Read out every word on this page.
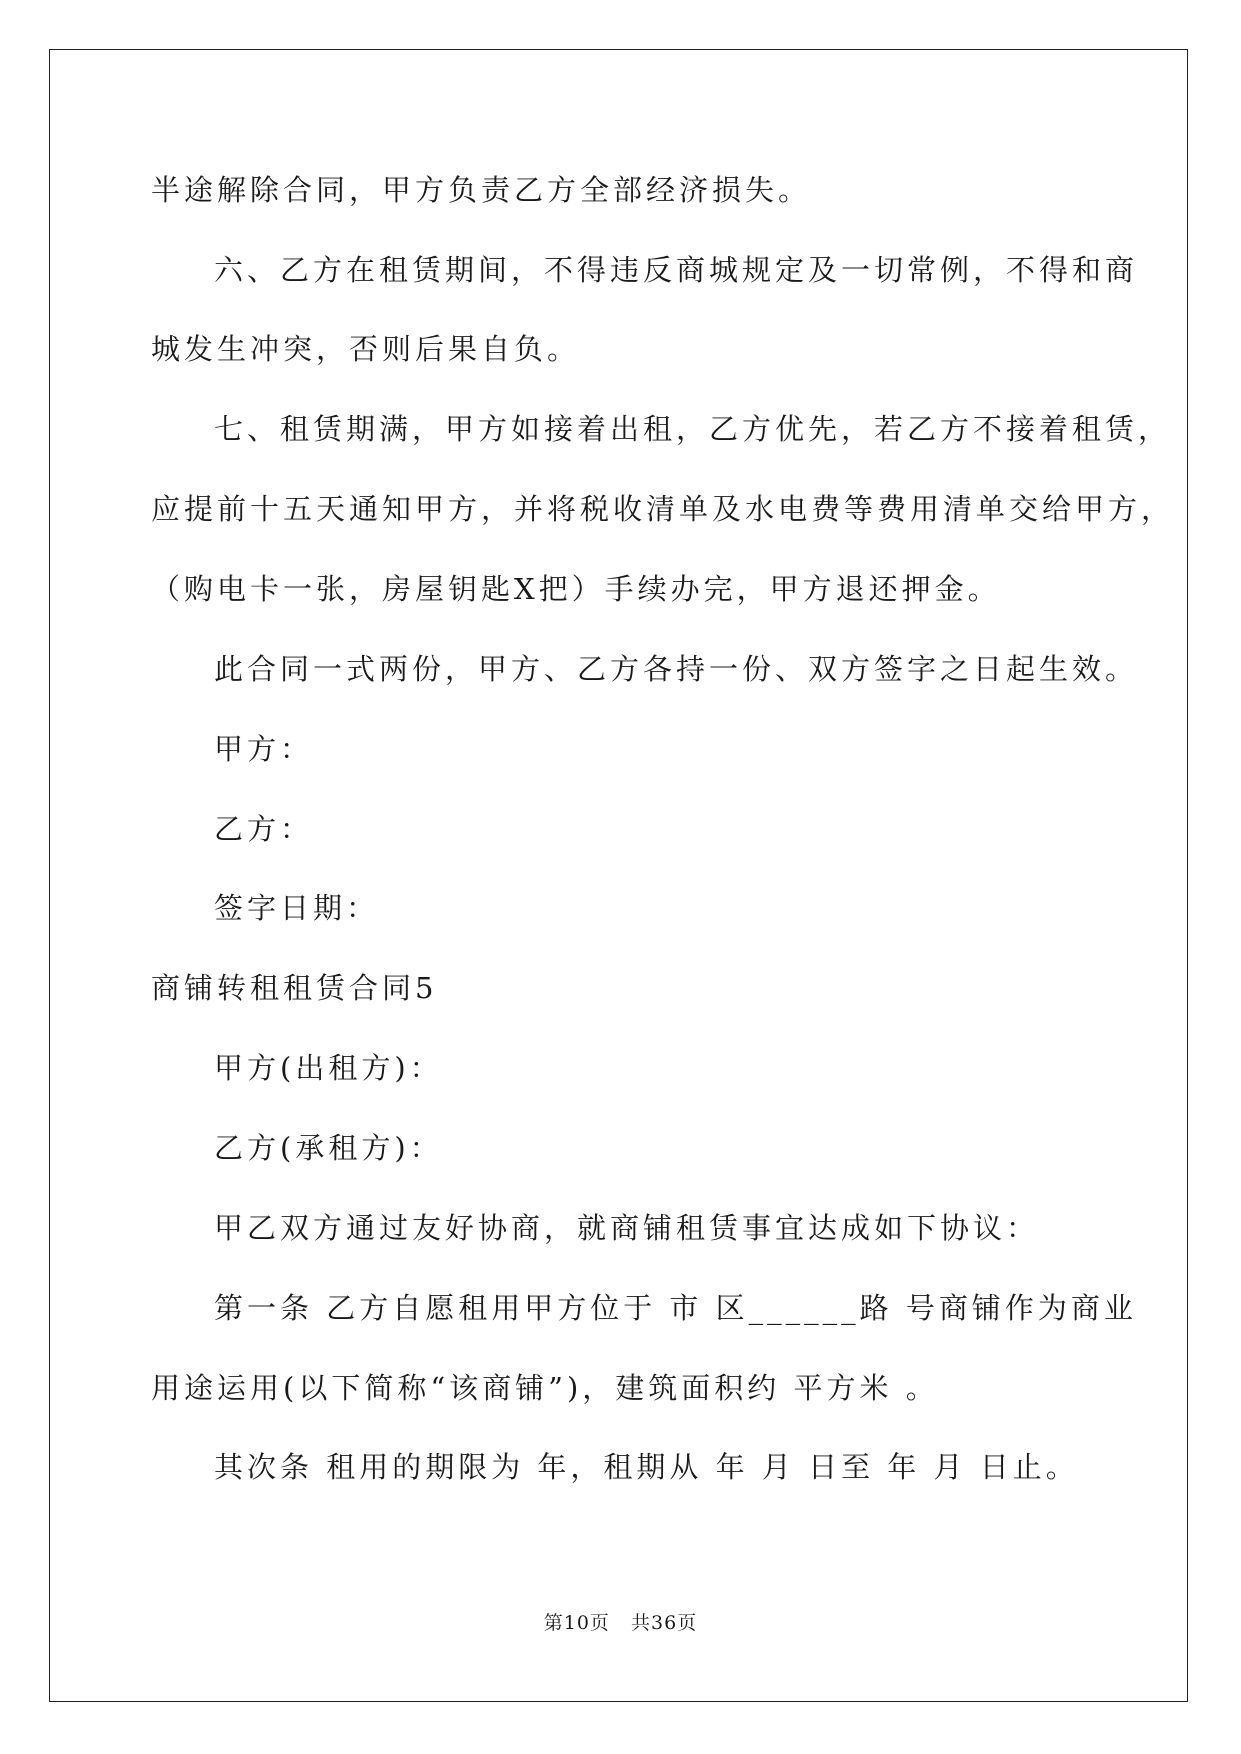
半途解除合同，甲方负责乙方全部经济损失。
六、乙方在租赁期间，不得违反商城规定及一切常例，不得和商
城发生冲突，否则后果自负。
七、租赁期满，甲方如接着出租，乙方优先，若乙方不接着租赁，
应提前十五天通知甲方，并将税收清单及水电费等费用清单交给甲方，
（购电卡一张，房屋钥匙X把）手续办完，甲方退还押金。
此合同一式两份，甲方、乙方各持一份、双方签字之日起生效。
甲方：
乙方：
签字日期：
商铺转租租赁合同5
甲方(出租方)：
乙方(承租方)：
甲乙双方通过友好协商，就商铺租赁事宜达成如下协议：
第一条 乙方自愿租用甲方位于 市 区______路 号商铺作为商业
用途运用(以下简称“该商铺”)，建筑面积约 平方米 。
其次条 租用的期限为 年，租期从 年 月 日至 年 月 日止。
第10页   共36页
